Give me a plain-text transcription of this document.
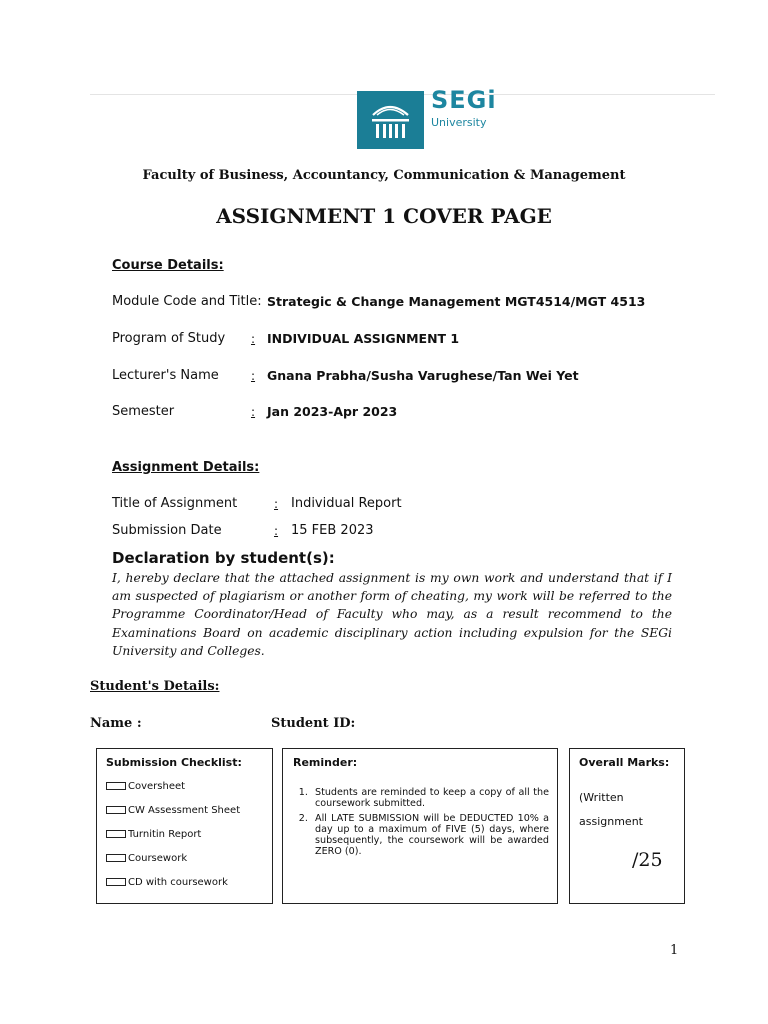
SEGi
University
Faculty of Business, Accountancy, Communication & Management
ASSIGNMENT 1 COVER PAGE
Course Details:
Module Code and Title: Strategic & Change Management MGT4514/MGT 4513
Program of Study : INDIVIDUAL ASSIGNMENT 1
Lecturer's Name	: Gnana Prabha/Susha Varughese/Tan Wei Yet
Semester	: Jan 2023-Apr 2023
Assignment Details:
Title of Assignment	: Individual Report
Submission Date	: 15 FEB 2023
Declaration by student(s):
I, hereby declare that the attached assignment is my own work and understand that if I am suspected of plagiarism or another form of cheating, my work will be referred to the Programme Coordinator/Head of Faculty who may, as a result recommend to the Examinations Board on academic disciplinary action including expulsion for the SEGi University and Colleges.
Student's Details:
Name :	Student ID:
Submission Checklist:
Coversheet
CW Assessment Sheet
Turnitin Report
Coursework
CD with coursework
Reminder:
1. Students are reminded to keep a copy of all the coursework submitted.
2. All LATE SUBMISSION will be DEDUCTED 10% a day up to a maximum of FIVE (5) days, where subsequently, the coursework will be awarded ZERO (0).
Overall Marks:
(Written
assignment
/25
1
